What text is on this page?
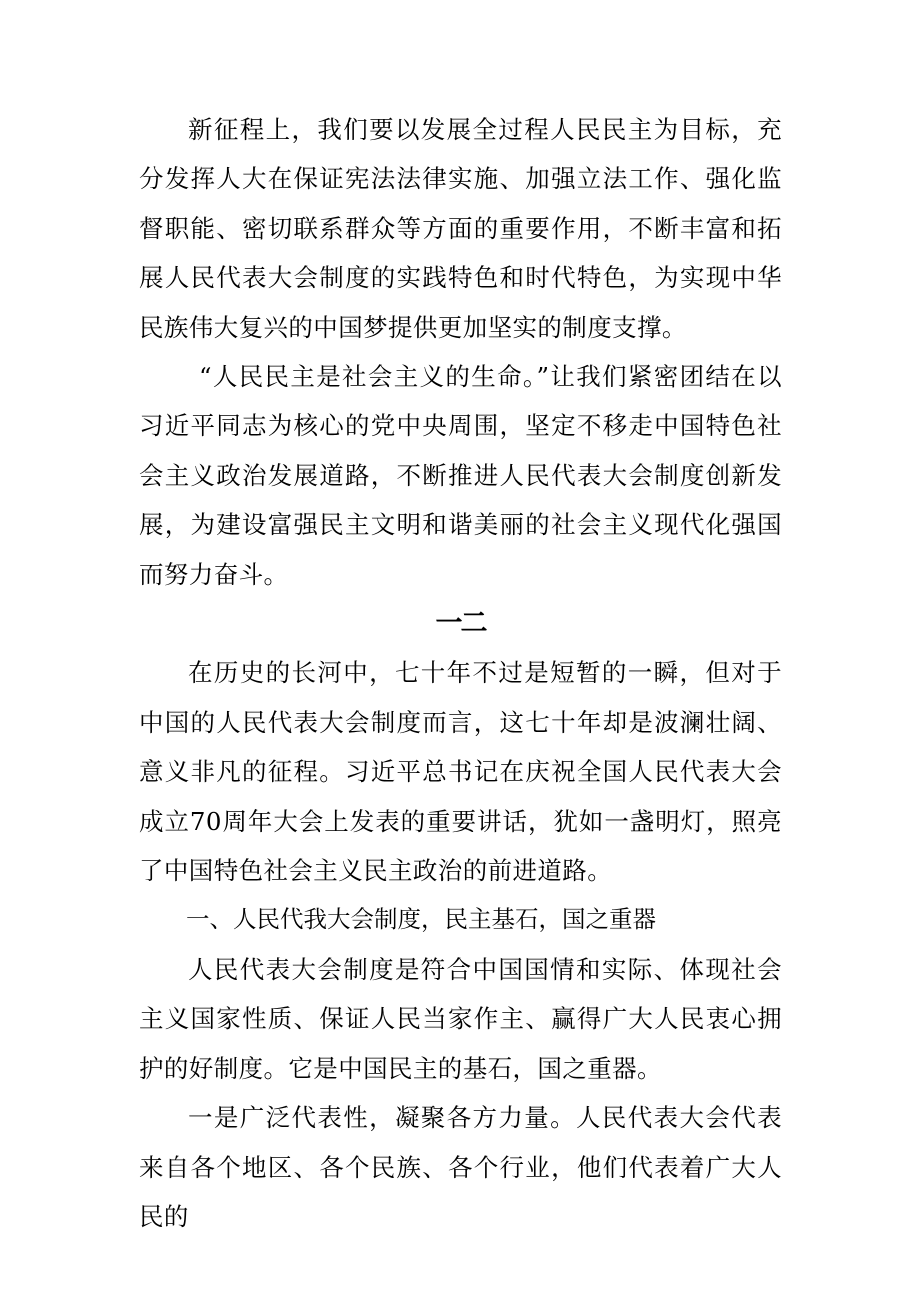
新征程上，我们要以发展全过程人民民主为目标，充分发挥人大在保证宪法法律实施、加强立法工作、强化监督职能、密切联系群众等方面的重要作用，不断丰富和拓展人民代表大会制度的实践特色和时代特色，为实现中华民族伟大复兴的中国梦提供更加坚实的制度支撑。

“人民民主是社会主义的生命。”让我们紧密团结在以习近平同志为核心的党中央周围，坚定不移走中国特色社会主义政治发展道路，不断推进人民代表大会制度创新发展，为建设富强民主文明和谐美丽的社会主义现代化强国而努力奋斗。

一二

在历史的长河中，七十年不过是短暂的一瞬，但对于中国的人民代表大会制度而言，这七十年却是波澜壮阔、意义非凡的征程。习近平总书记在庆祝全国人民代表大会成立70周年大会上发表的重要讲话，犹如一盏明灯，照亮了中国特色社会主义民主政治的前进道路。

一、人民代我大会制度，民主基石，国之重器

人民代表大会制度是符合中国国情和实际、体现社会主义国家性质、保证人民当家作主、赢得广大人民衷心拥护的好制度。它是中国民主的基石，国之重器。

一是广泛代表性，凝聚各方力量。人民代表大会代表来自各个地区、各个民族、各个行业，他们代表着广大人民的
